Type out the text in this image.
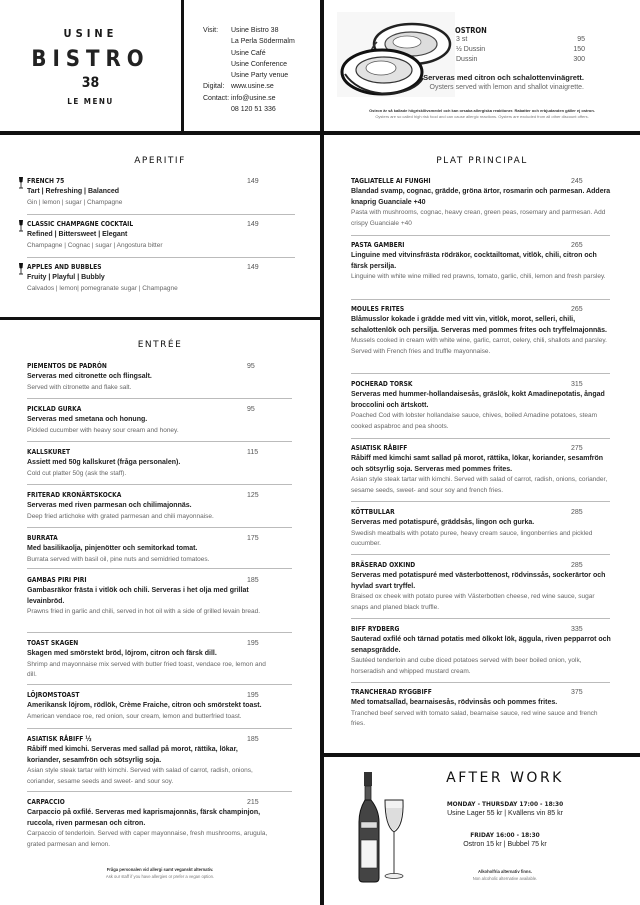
USINE
BISTRO
38
LE MENU
Visit:	Usine Bistro 38
La Perla Södermalm
Usine Café
Usine Conference
Usine Party venue
Digital: www.usine.se
Contact: info@usine.se
08 120 51 336
OSTRON
3 st	95
½ Dussin	150
Dussin	300
Serveras med citron och schalottenvinägrett.
Oysters served with lemon and shallot vinaigrette.
Ostron är så kallade högriskllivsmedel och kan orsaka allergiska reaktioner. Rabatter och erbjudanden gäller ej ostron.
Oysters are so called high risk food and can cause allergic reactions. Oysters are excluded from all other discount offers.
APERITIF
FRENCH 75	149
Tart | Refreshing | Balanced
Gin | lemon | sugar | Champagne
CLASSIC CHAMPAGNE COCKTAIL	149
Refined | Bittersweet | Elegant
Champagne | Cognac | sugar | Angostura bitter
APPLES AND BUBBLES	149
Fruity | Playful | Bubbly
Calvados | lemon| pomegranate sugar | Champagne
PIEMENTOS DE PADRÓN	95
Serveras med citronette och flingsalt.
Served with citronette and flake salt.
PICKLAD GURKA	95
Serveras med smetana och honung.
Pickled cucumber with heavy sour cream and honey.
KALLSKURET	115
Assiett med 50g kallskuret (fråga personalen).
Cold cut platter 50g (ask the staff).
FRITERAD KRONÄRTSKOCKA	125
Serveras med riven parmesan och chilimajonnäs.
Deep fried artichoke with grated parmesan and chili mayonnaise.
BURRATA	175
Med basilikaolja, pinjenötter och semitorkad tomat.
Burrata served with basil oil, pine nuts and semidried tomatoes.
GAMBAS PIRI PIRI	185
Gambasräkor frästa i vitlök och chili. Serveras i het olja med grillat levainbröd.
Prawns fried in garlic and chili, served in hot oil with a side of grilled levain bread.
TOAST SKAGEN	195
Skagen med smörstekt bröd, löjrom, citron och färsk dill.
Shrimp and mayonnaise mix served with butter fried toast, vendace roe, lemon and dill.
LÖJROMSTOAST	195
Amerikansk löjrom, rödlök, Crème Fraiche, citron och smörstekt toast.
American vendace roe, red onion, sour cream, lemon and butterfried toast.
ASIATISK RÅBIFF ½	185
Råbiff med kimchi. Serveras med sallad på morot, rättika, lökar, koriander, sesamfrön och sötsyrlig soja.
Asian style steak tartar with kimchi. Served with salad of carrot, radish, onions, coriander, sesame seeds and sweet- and sour soy.
CARPACCIO	215
Carpaccio på oxfilé. Serveras med kaprismajonnäs, färsk champinjon, ruccola, riven parmesan och citron.
Carpaccio of tenderloin. Served with caper mayonnaise, fresh mushrooms, arugula, grated parmesan and lemon.
TAGLIATELLE AI FUNGHI	245
Blandad svamp, cognac, grädde, gröna ärtor, rosmarin och parmesan. Addera knaprig Guanciale +40
Pasta with mushrooms, cognac, heavy crean, green peas, rosemary and parmesan. Add crispy Guanciale +40
PASTA GAMBERI	265
Linguine med vitvinsfrästa rödräkor, cocktailtomat, vitlök, chili, citron och färsk persilja.
Linguine with white wine milled red prawns, tomato, garlic, chili, lemon and fresh parsley.
MOULES FRITES	265
Blåmusslor kokade i grädde med vitt vin, vitlök, morot, selleri, chili, schalottenlök och persilja. Serveras med pommes frites och tryffelmajonnäs.
Mussels cooked in cream with white wine, garlic, carrot, celery, chili, shallots and parsley. Served with French fries and truffle mayonnaise.
POCHERAD TORSK	315
Serveras med hummer-hollandaisesås, gräslök, kokt Amadinepotatis, ångad broccolini och ärtskott.
Poached Cod with lobster hollandaise sauce, chives, boiled Amadine potatoes, steam cooked aspabroc and pea shoots.
ASIATISK RÅBIFF	275
Råbiff med kimchi samt sallad på morot, rättika, lökar, koriander, sesamfrön och sötsyrlig soja. Serveras med pommes frites.
Asian style steak tartar with kimchi. Served with salad of carrot, radish, onions, coriander, sesame seeds, sweet- and sour soy and french fries.
KÖTTBULLAR	285
Serveras med potatispuré, gräddsås, lingon och gurka.
Swedish meatballs with potato puree, heavy cream sauce, lingonberries and pickled cucumber.
BRÄSERAD OXKIND	285
Serveras med potatispuré med västerbottenost, rödvinssås, sockerärtor och hyvlad svart tryffel.
Braised ox cheek with potato puree with Västerbotten cheese, red wine sauce, sugar snaps and planed black truffle.
BIFF RYDBERG	335
Sauterad oxfilé och tärnad potatis med ölkokt lök, äggula, riven pepparrot och senapsgrädde.
Sautéed tenderloin and cube diced potatoes served with beer boiled onion, yolk, horseradish and whipped mustard cream.
TRANCHERAD RYGGBIFF	375
Med tomatsallad, bearnaisesås, rödvinsås och pommes frites.
Tranched beef served with tomato salad, bearnaise sauce, red wine sauce and french fries.
ENTRÉE
Fråga personalen vid allergi samt veganskt alternativ.
Ask our staff if you have allergies or prefer a vegan option.
PLAT PRINCIPAL
AFTER WORK
MONDAY - THURSDAY 17:00 - 18:30
Usine Lager 55 kr | Kvällens vin 85 kr
FRIDAY 16:00 - 18:30
Ostron 15 kr | Bubbel 75 kr
Alkoholfria alternativ finns.
Non alcoholic alternative available.
